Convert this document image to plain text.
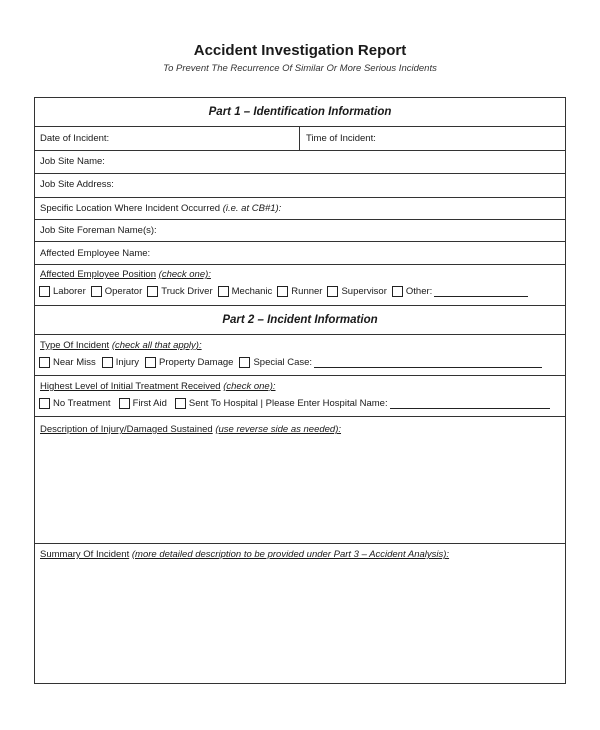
Accident Investigation Report
To Prevent The Recurrence Of Similar Or More Serious Incidents
Part 1 – Identification Information
Date of Incident:	Time of Incident:
Job Site Name:
Job Site Address:
Specific Location Where Incident Occurred (i.e. at CB#1):
Job Site Foreman Name(s):
Affected Employee Name:
Affected Employee Position (check one):
Laborer Operator Truck Driver Mechanic Runner Supervisor Other:
Part 2 – Incident Information
Type Of Incident (check all that apply):
Near Miss Injury Property Damage Special Case:
Highest Level of Initial Treatment Received (check one):
No Treatment First Aid Sent To Hospital | Please Enter Hospital Name:
Description of Injury/Damaged Sustained (use reverse side as needed):
Summary Of Incident (more detailed description to be provided under Part 3 – Accident Analysis):
